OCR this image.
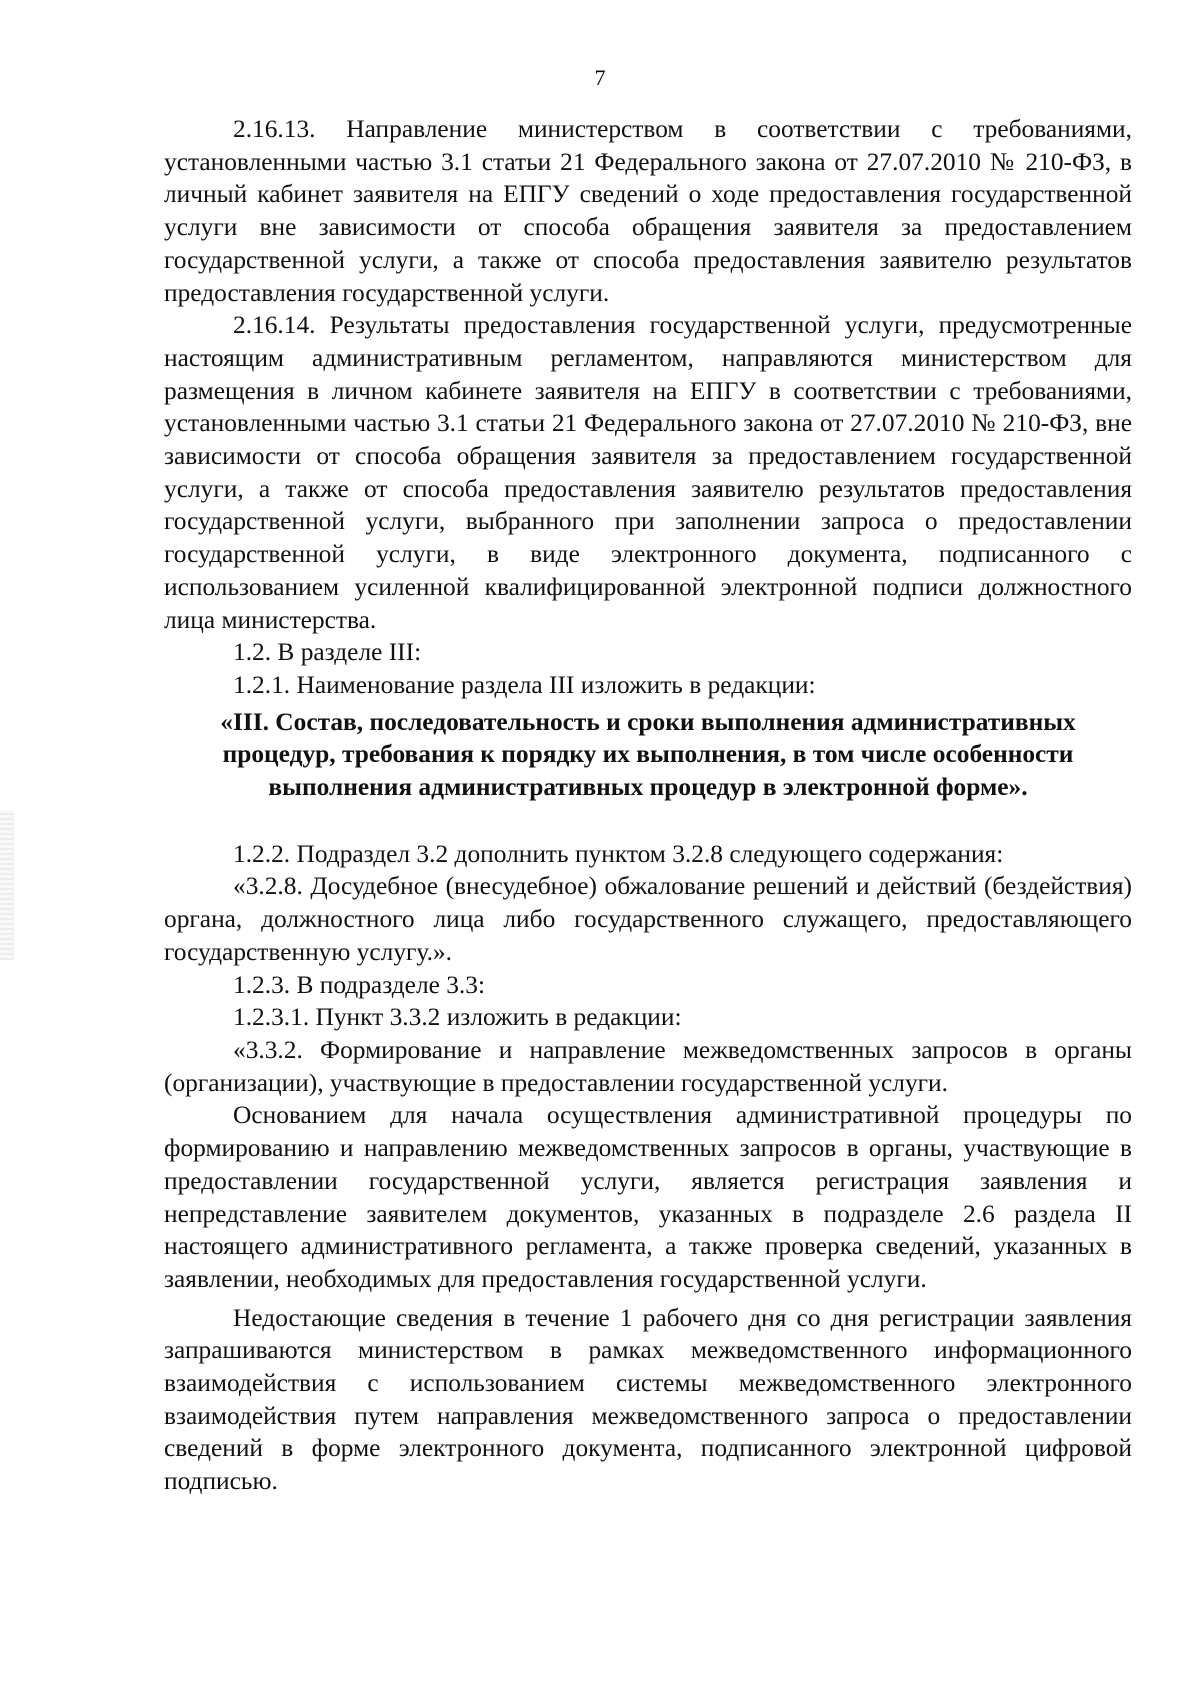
7

2.16.13. Направление министерством в соответствии с требованиями, установленными частью 3.1 статьи 21 Федерального закона от 27.07.2010 № 210-ФЗ, в личный кабинет заявителя на ЕПГУ сведений о ходе предоставления государственной услуги вне зависимости от способа обращения заявителя за предоставлением государственной услуги, а также от способа предоставления заявителю результатов предоставления государственной услуги.

2.16.14. Результаты предоставления государственной услуги, предусмотренные настоящим административным регламентом, направляются министерством для размещения в личном кабинете заявителя на ЕПГУ в соответствии с требованиями, установленными частью 3.1 статьи 21 Федерального закона от 27.07.2010 № 210-ФЗ, вне зависимости от способа обращения заявителя за предоставлением государственной услуги, а также от способа предоставления заявителю результатов предоставления государственной услуги, выбранного при заполнении запроса о предоставлении государственной услуги, в виде электронного документа, подписанного с использованием усиленной квалифицированной электронной подписи должностного лица министерства.

1.2. В разделе III:

1.2.1. Наименование раздела III изложить в редакции:

«III. Состав, последовательность и сроки выполнения административных процедур, требования к порядку их выполнения, в том числе особенности выполнения административных процедур в электронной форме».

1.2.2. Подраздел 3.2 дополнить пунктом 3.2.8 следующего содержания:

«3.2.8. Досудебное (внесудебное) обжалование решений и действий (бездействия) органа, должностного лица либо государственного служащего, предоставляющего государственную услугу.».

1.2.3. В подразделе 3.3:

1.2.3.1. Пункт 3.3.2 изложить в редакции:

«3.3.2. Формирование и направление межведомственных запросов в органы (организации), участвующие в предоставлении государственной услуги.

Основанием для начала осуществления административной процедуры по формированию и направлению межведомственных запросов в органы, участвующие в предоставлении государственной услуги, является регистрация заявления и непредставление заявителем документов, указанных в подразделе 2.6 раздела II настоящего административного регламента, а также проверка сведений, указанных в заявлении, необходимых для предоставления государственной услуги.

Недостающие сведения в течение 1 рабочего дня со дня регистрации заявления запрашиваются министерством в рамках межведомственного информационного взаимодействия с использованием системы межведомственного электронного взаимодействия путем направления межведомственного запроса о предоставлении сведений в форме электронного документа, подписанного электронной цифровой подписью.
